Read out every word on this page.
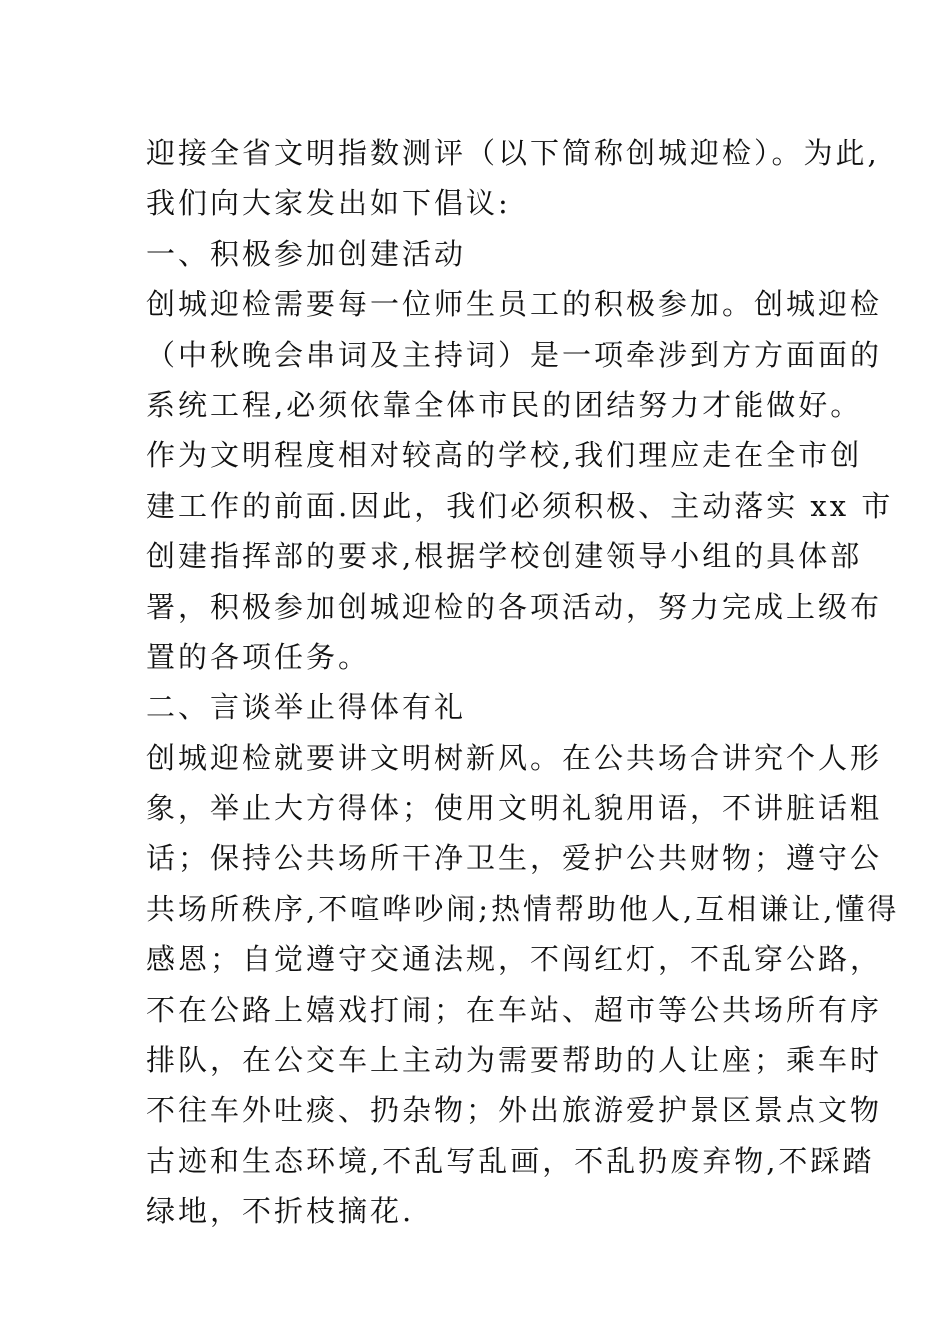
迎接全省文明指数测评（以下简称创城迎检）。为此,
我们向大家发出如下倡议:
一、积极参加创建活动
创城迎检需要每一位师生员工的积极参加。创城迎检
（中秋晚会串词及主持词）是一项牵涉到方方面面的
系统工程,必须依靠全体市民的团结努力才能做好。
作为文明程度相对较高的学校,我们理应走在全市创
建工作的前面.因此，我们必须积极、主动落实 xx 市
创建指挥部的要求,根据学校创建领导小组的具体部
署，积极参加创城迎检的各项活动，努力完成上级布
置的各项任务。
二、言谈举止得体有礼
创城迎检就要讲文明树新风。在公共场合讲究个人形
象，举止大方得体；使用文明礼貌用语，不讲脏话粗
话；保持公共场所干净卫生，爱护公共财物；遵守公
共场所秩序,不喧哗吵闹;热情帮助他人,互相谦让,懂得
感恩；自觉遵守交通法规，不闯红灯，不乱穿公路，
不在公路上嬉戏打闹；在车站、超市等公共场所有序
排队，在公交车上主动为需要帮助的人让座；乘车时
不往车外吐痰、扔杂物；外出旅游爱护景区景点文物
古迹和生态环境,不乱写乱画，不乱扔废弃物,不踩踏
绿地，不折枝摘花.
